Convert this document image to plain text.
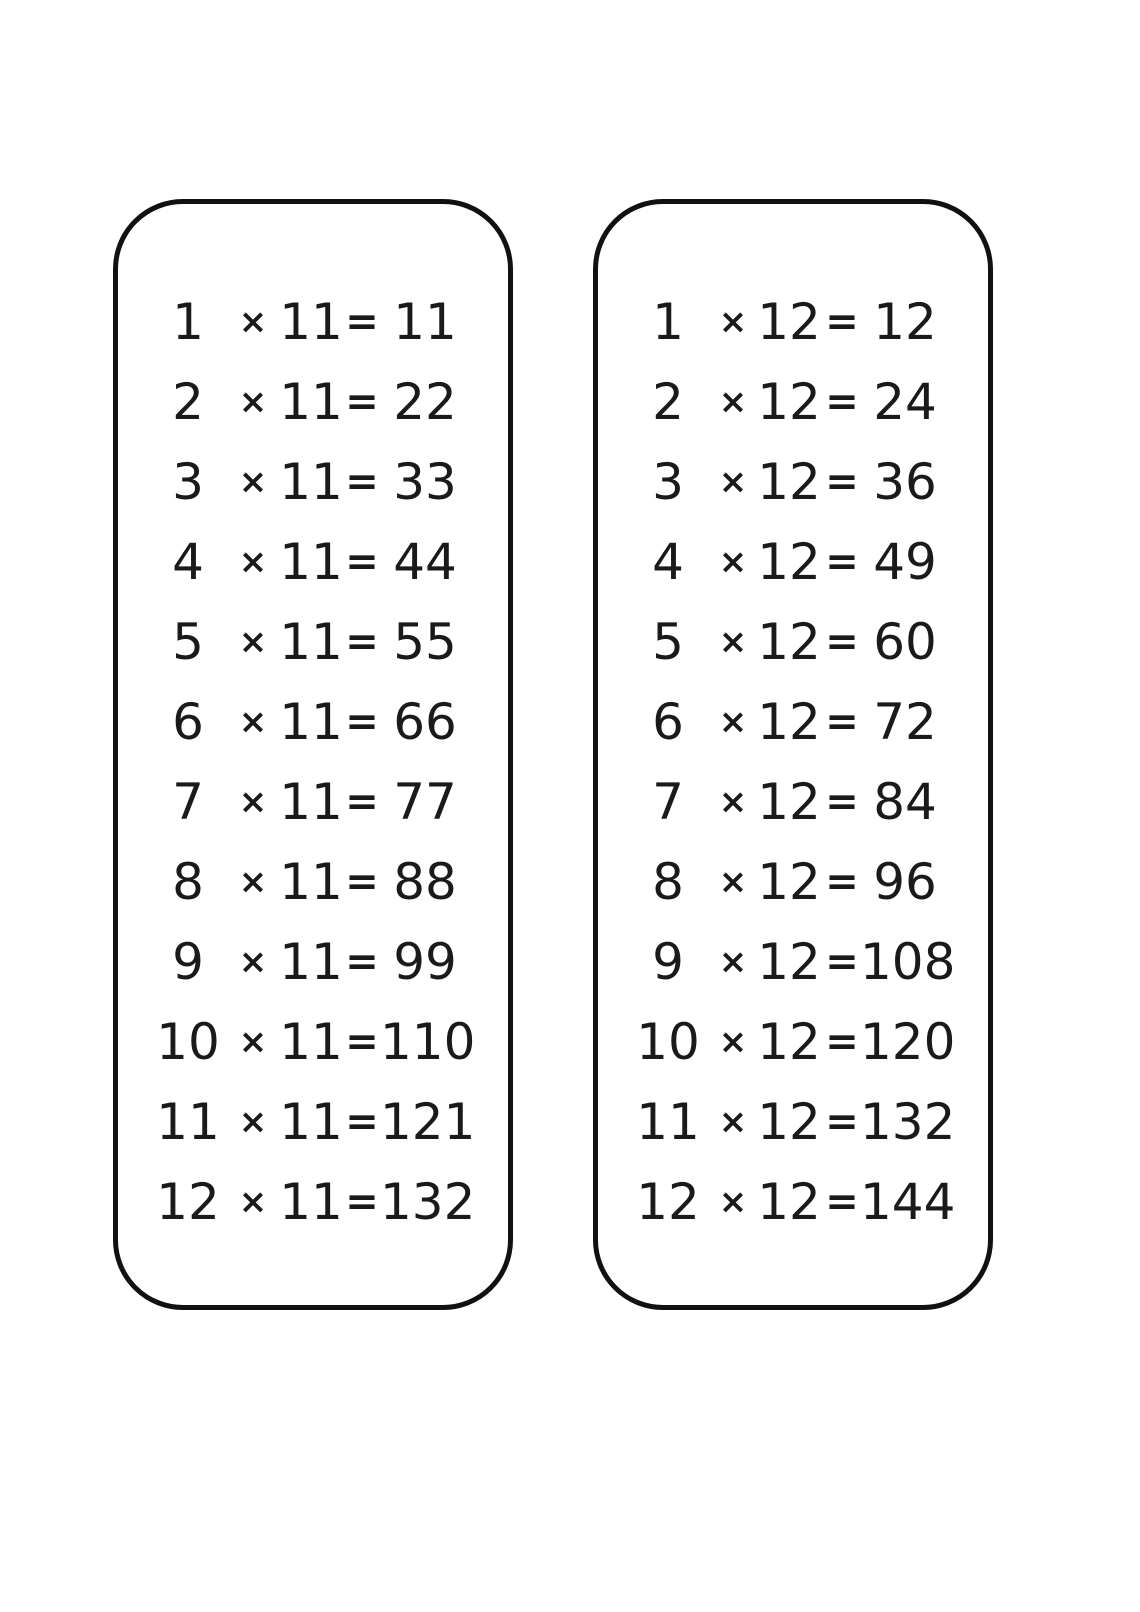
1	× 11 = 11
2	× 11 = 22
3	× 11 = 33
4	× 11 = 44
5	× 11 = 55
6	× 11 = 66
7	× 11 = 77
8	× 11 = 88
9	× 11 = 99
10 × 11 = 110
11 × 11 = 121
12 × 11 = 132
1	× 12 = 12
2	× 12 = 24
3	× 12 = 36
4	× 12 = 49
5	× 12 = 60
6	× 12 = 72
7	× 12 = 84
8	× 12 = 96
9	× 12 = 108
10 × 12 = 120
11 × 12 = 132
12 × 12 = 144
